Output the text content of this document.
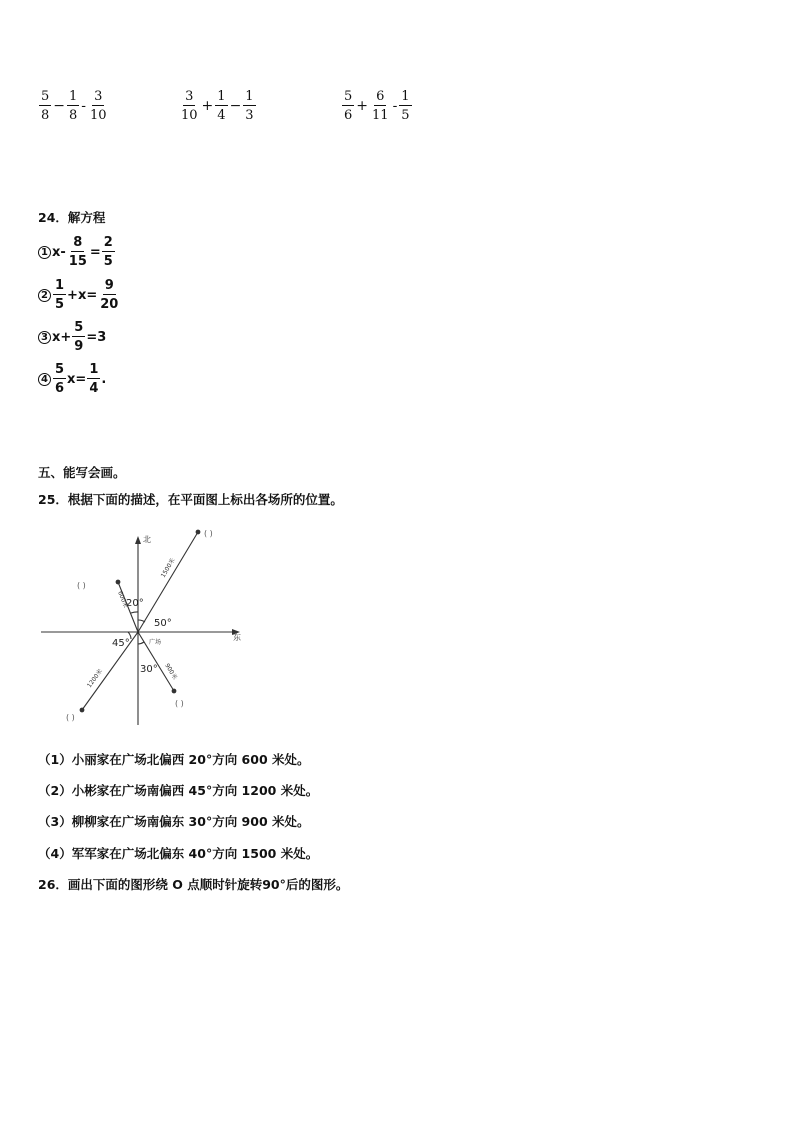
$\frac{5}{8} - \frac{1}{8} - \frac{3}{10}$	$\frac{3}{10} + \frac{1}{4} - \frac{1}{3}$	$\frac{5}{6} + \frac{6}{11} - \frac{1}{5}$
24．解方程
1 $x- \frac{8}{15} = \frac{2}{5}$
$2 \frac{1}{5} +x= \frac{9}{20}$
3 $x+ \frac{5}{9} =3$
$4 \frac{5}{6} x= \frac{1}{4}$ .
五、能写会画。
25．根据下面的描述，在平面图上标出各场所的位置。
北
东
广场
20°
50°
45°
30°
600米
1500米
1200米	900米
( )
( )
( )
( )
（1）小丽家在广场北偏西 20°方向 600 米处。
（2）小彬家在广场南偏西 45°方向 1200 米处。
（3）柳柳家在广场南偏东 30°方向 900 米处。
（4）军军家在广场北偏东 40°方向 1500 米处。
26．画出下面的图形绕 O 点顺时针旋转90°后的图形。
